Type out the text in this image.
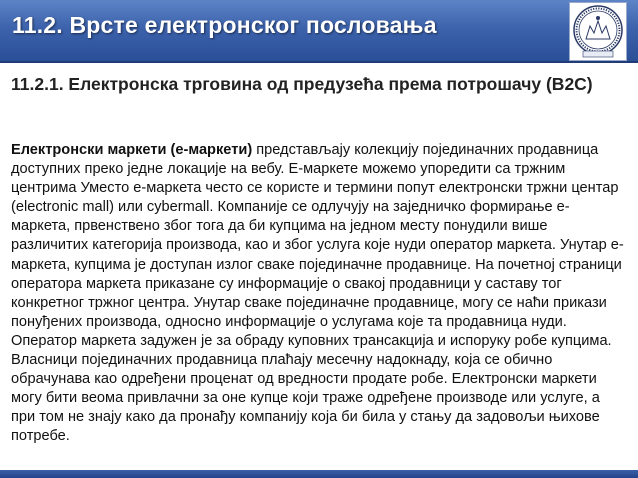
11.2. Врсте електронског пословања
11.2.1. Електронска трговина од предузећа према потрошачу (B2C)
Електронски маркети (е-маркети) представљају колекцију појединачних продавница доступних преко једне локације на вебу. Е-маркете можемо упоредити са тржним центрима Уместо е-маркета често се користе и термини попут електронски тржни центар (electronic mall) или cybermall. Компаније се одлучују на заједничко формирање е-маркета, првенствено због тога да би купцима на једном месту понудили више различитих категорија производа, као и због услуга које нуди оператор маркета. Унутар е-маркета, купцима је доступан излог сваке појединачне продавнице. На почетној страници оператора маркета приказане су информације о свакој продавници у саставу тог конкретног тржног центра. Унутар сваке појединачне продавнице, могу се наћи прикази понуђених производа, односно информације о услугама које та продавница нуди. Оператор маркета задужен је за обраду куповних трансакција и испоруку робе купцима. Власници појединачних продавница плаћају месечну надокнаду, која се обично обрачунава као одређени проценат од вредности продате робе. Електронски маркети могу бити веома привлачни за оне купце који траже одређене производе или услуге, а при том не знају како да пронађу компанију која би била у стању да задовољи њихове потребе.
